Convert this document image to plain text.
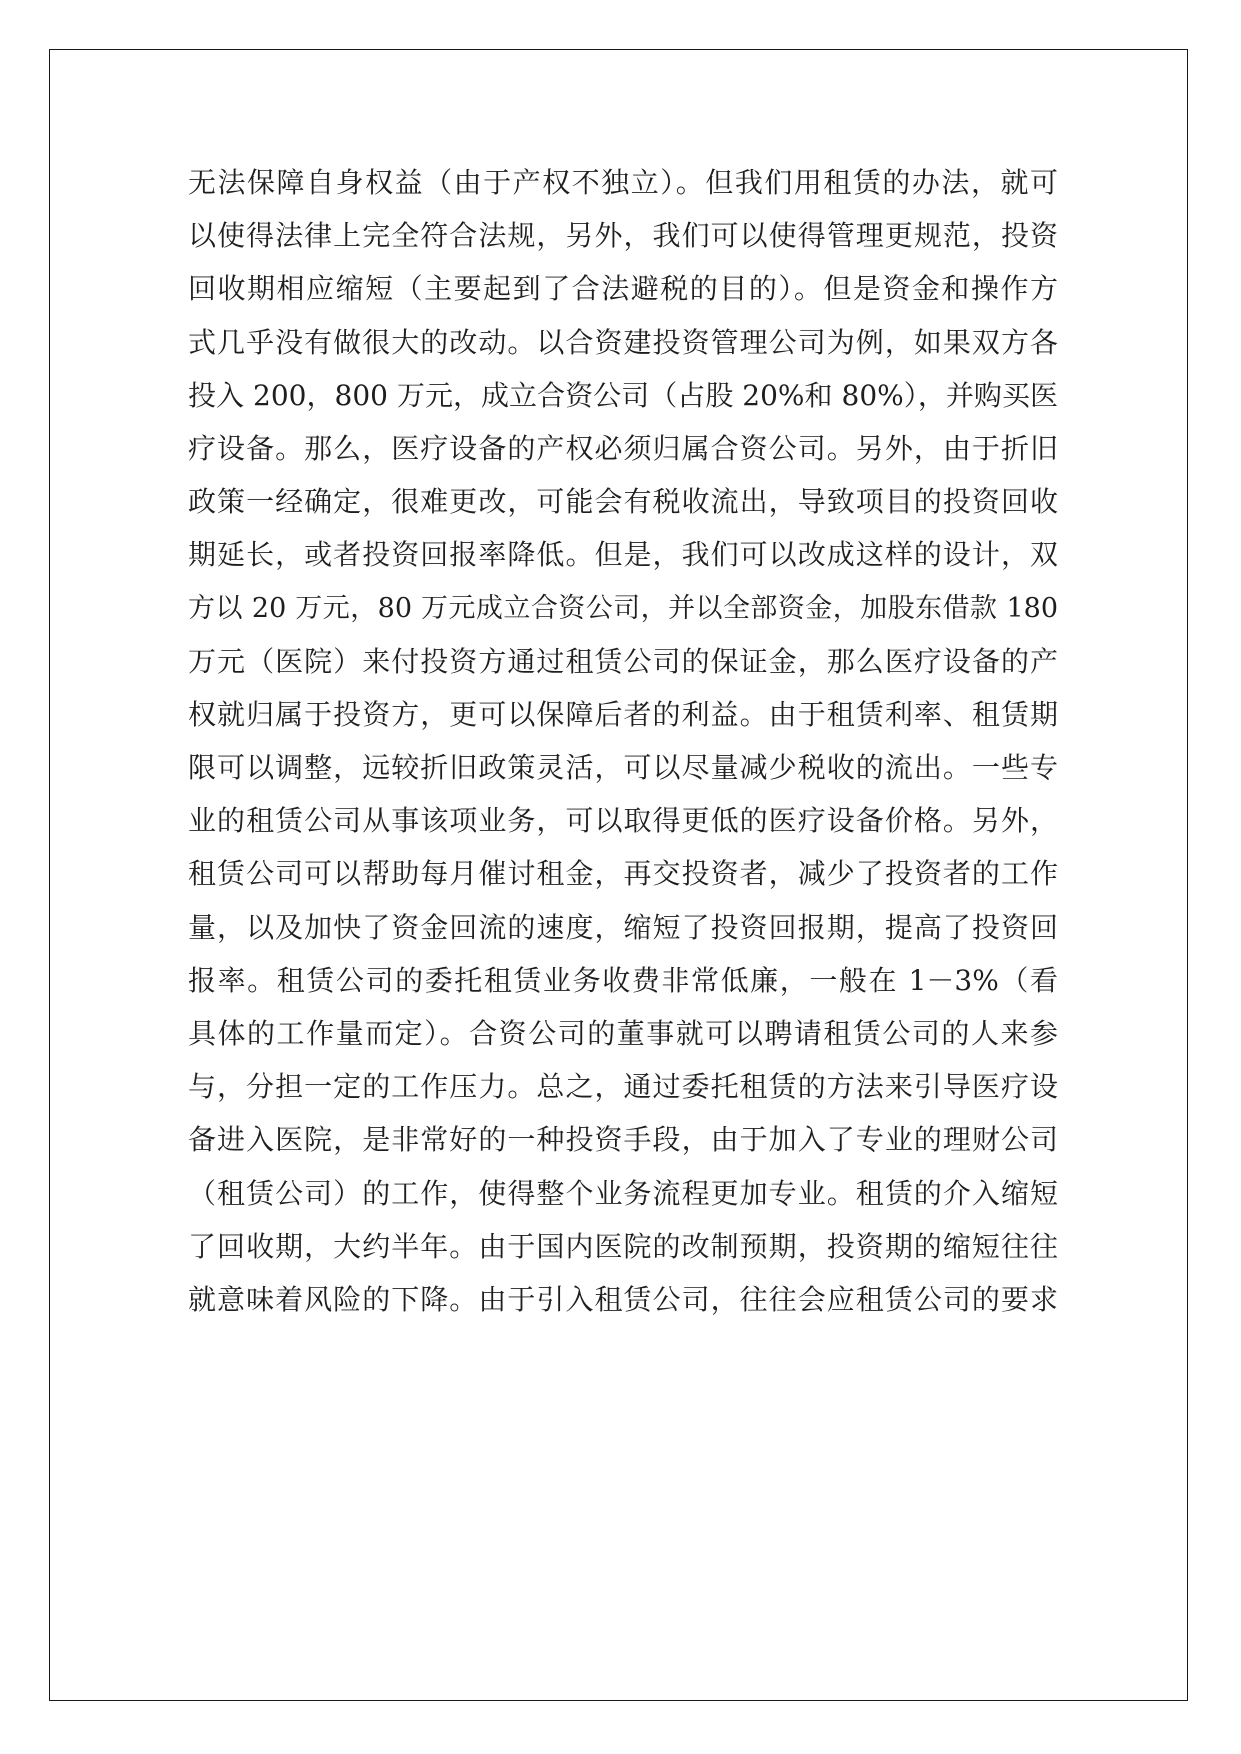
无法保障自身权益（由于产权不独立）。但我们用租赁的办法，就可
以使得法律上完全符合法规，另外，我们可以使得管理更规范，投资
回收期相应缩短（主要起到了合法避税的目的）。但是资金和操作方
式几乎没有做很大的改动。以合资建投资管理公司为例，如果双方各
投入 200，800 万元，成立合资公司（占股 20%和 80%），并购买医
疗设备。那么，医疗设备的产权必须归属合资公司。另外，由于折旧
政策一经确定，很难更改，可能会有税收流出，导致项目的投资回收
期延长，或者投资回报率降低。但是，我们可以改成这样的设计，双
方以 20 万元，80 万元成立合资公司，并以全部资金，加股东借款 180
万元（医院）来付投资方通过租赁公司的保证金，那么医疗设备的产
权就归属于投资方，更可以保障后者的利益。由于租赁利率、租赁期
限可以调整，远较折旧政策灵活，可以尽量减少税收的流出。一些专
业的租赁公司从事该项业务，可以取得更低的医疗设备价格。另外，
租赁公司可以帮助每月催讨租金，再交投资者，减少了投资者的工作
量，以及加快了资金回流的速度，缩短了投资回报期，提高了投资回
报率。租赁公司的委托租赁业务收费非常低廉，一般在 1－3%（看
具体的工作量而定）。合资公司的董事就可以聘请租赁公司的人来参
与，分担一定的工作压力。总之，通过委托租赁的方法来引导医疗设
备进入医院，是非常好的一种投资手段，由于加入了专业的理财公司
（租赁公司）的工作，使得整个业务流程更加专业。租赁的介入缩短
了回收期，大约半年。由于国内医院的改制预期，投资期的缩短往往
就意味着风险的下降。由于引入租赁公司，往往会应租赁公司的要求
